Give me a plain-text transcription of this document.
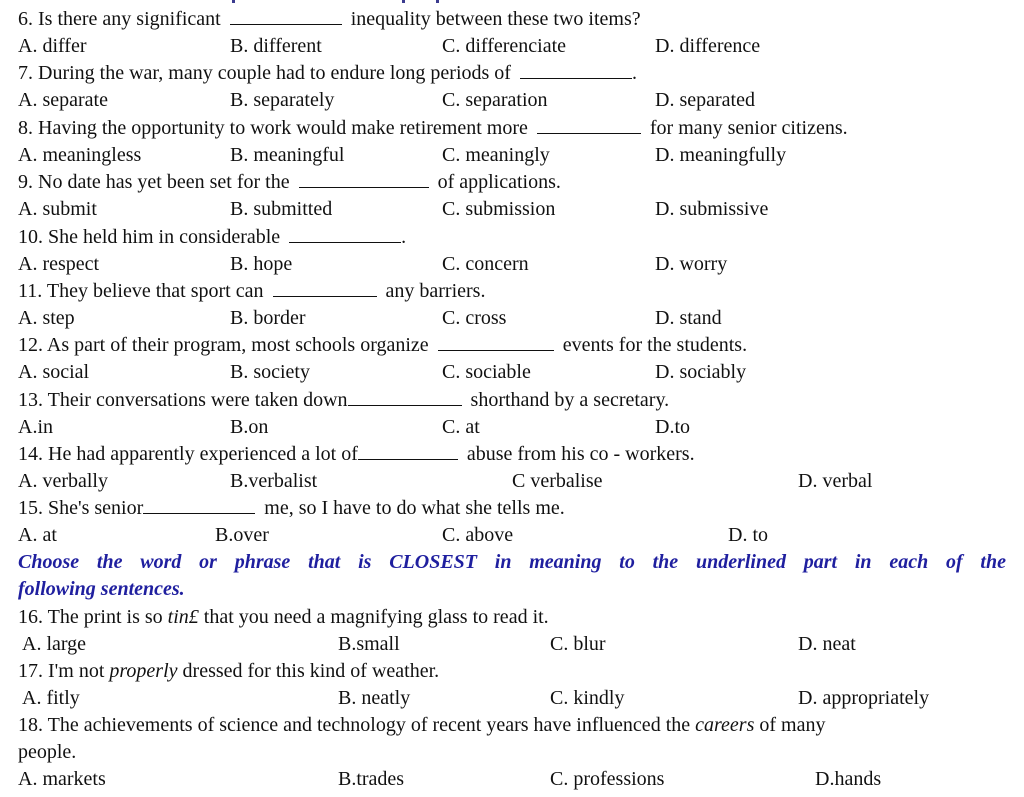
6. Is there any significant	inequality between these two items?
A. differ	B. different	C. differenciate	D. difference
7. During the war, many couple had to endure long periods of	.
A. separate	B. separately	C. separation	D. separated
8. Having the opportunity to work would make retirement more	for many senior citizens.
A. meaningless	B. meaningful	C. meaningly	D. meaningfully
9. No date has yet been set for the	of applications.
A. submit	B. submitted	C. submission	D. submissive
10. She held him in considerable	.
A. respect	B. hope	C. concern	D. worry
11. They believe that sport can	any barriers.
A. step	B. border	C. cross	D. stand
12. As part of their program, most schools organize	events for the students.
A. social	B. society	C. sociable	D. sociably
13. Their conversations were taken down	shorthand by a secretary.
A.in	B.on	C. at	D.to
14. He had apparently experienced a lot of	abuse from his co - workers.
A. verbally	B.verbalist	C verbalise	D. verbal
15. She's senior	me, so I have to do what she tells me.
A. at	B.over	C. above	D. to
Choose the word or phrase that is CLOSEST in meaning to the underlined part in each of the
following sentences.
16. The print is so tin£ that you need a magnifying glass to read it.
A. large	B.small	C. blur	D. neat
17. I'm not properly dressed for this kind of weather.
A. fitly	B. neatly	C. kindly	D. appropriately
18. The achievements of science and technology of recent years have influenced the careers of many
people.
A. markets	B.trades	C. professions	D.hands
